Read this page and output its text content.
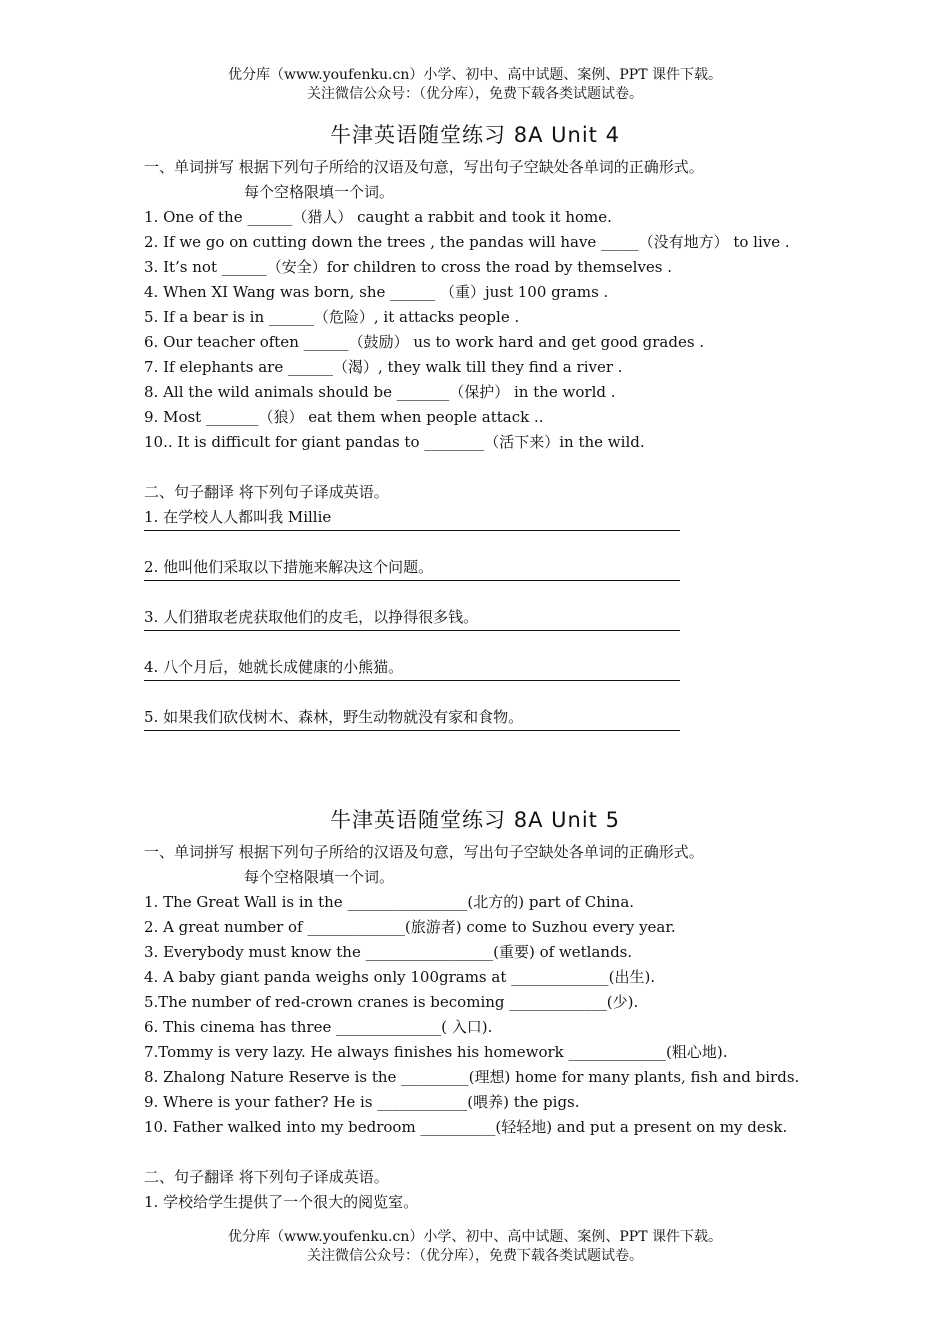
优分库（www.youfenku.cn）小学、初中、高中试题、案例、PPT 课件下载。
关注微信公众号：（优分库），免费下载各类试题试卷。
牛津英语随堂练习 8A Unit 4
一、单词拼写 根据下列句子所给的汉语及句意，写出句子空缺处各单词的正确形式。
每个空格限填一个词。
1. One of the ______（猎人） caught a rabbit and took it home.
2. If we go on cutting down the trees , the pandas will have _____（没有地方） to live .
3. It’s not ______（安全）for children to cross the road by themselves .
4. When XI Wang was born, she ______ （重）just 100 grams .
5. If a bear is in ______（危险）, it attacks people .
6. Our teacher often ______（鼓励） us to work hard and get good grades .
7. If elephants are ______（渴）, they walk till they find a river .
8. All the wild animals should be _______（保护） in the world .
9. Most _______（狼） eat them when people attack ..
10.. It is difficult for giant pandas to ________（活下来）in the wild.
二、句子翻译 将下列句子译成英语。
1. 在学校人人都叫我 Millie
2. 他叫他们采取以下措施来解决这个问题。
3. 人们猎取老虎获取他们的皮毛，以挣得很多钱。
4. 八个月后，她就长成健康的小熊猫。
5. 如果我们砍伐树木、森林，野生动物就没有家和食物。
牛津英语随堂练习 8A Unit 5
一、单词拼写 根据下列句子所给的汉语及句意，写出句子空缺处各单词的正确形式。
每个空格限填一个词。
1. The Great Wall is in the ________________(北方的) part of China.
2. A great number of _____________(旅游者) come to Suzhou every year.
3. Everybody must know the _________________(重要) of wetlands.
4. A baby giant panda weighs only 100grams at _____________(出生).
5.The number of red-crown cranes is becoming _____________(少).
6. This cinema has three ______________( 入口).
7.Tommy is very lazy. He always finishes his homework _____________(粗心地).
8. Zhalong Nature Reserve is the _________(理想) home for many plants, fish and birds.
9. Where is your father? He is ____________(喂养) the pigs.
10. Father walked into my bedroom __________(轻轻地) and put a present on my desk.
二、句子翻译 将下列句子译成英语。
1. 学校给学生提供了一个很大的阅览室。
优分库（www.youfenku.cn）小学、初中、高中试题、案例、PPT 课件下载。
关注微信公众号：（优分库），免费下载各类试题试卷。
